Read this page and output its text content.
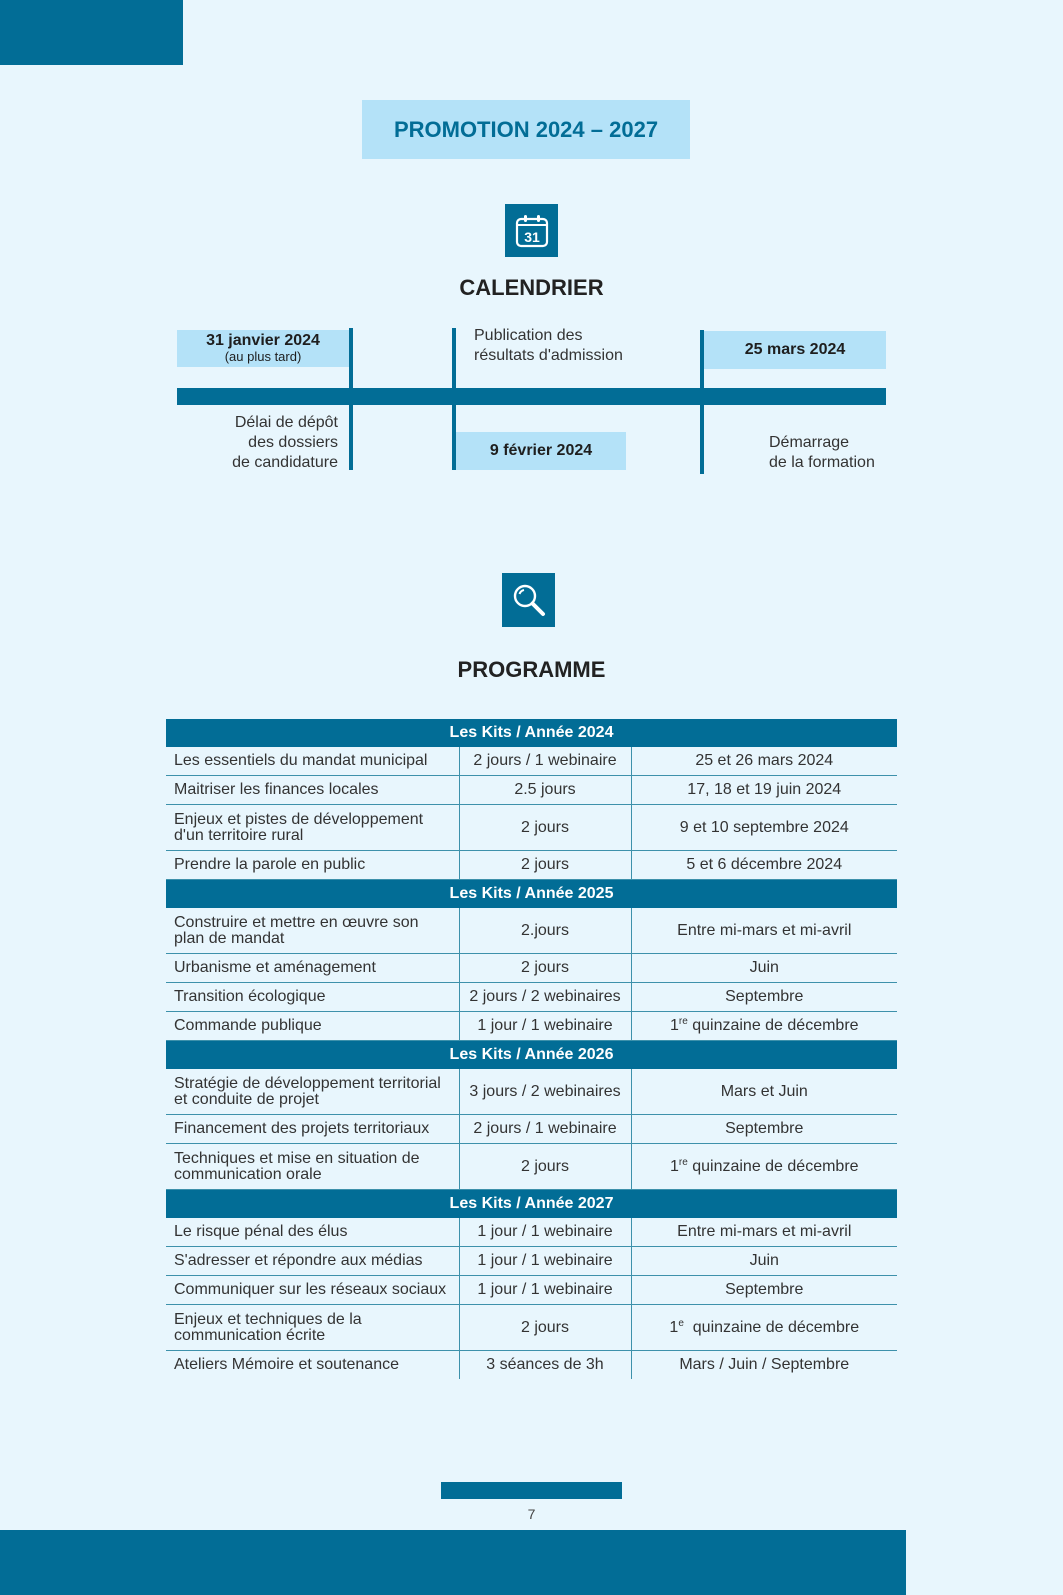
PROMOTION 2024 – 2027
31
CALENDRIER
31 janvier 2024
(au plus tard)
Délai de dépôt
des dossiers
de candidature
Publication des
résultats d'admission
9 février 2024
25 mars 2024
Démarrage
de la formation
PROGRAMME
Les Kits / Année 2024		
Les essentiels du mandat municipal	2 jours / 1 webinaire	25 et 26 mars 2024
Maitriser les finances locales	2.5 jours	17, 18 et 19 juin 2024
Enjeux et pistes de développement d'un territoire rural	2 jours	9 et 10 septembre 2024
Prendre la parole en public	2 jours	5 et 6 décembre 2024
Les Kits / Année 2025		
Construire et mettre en œuvre son plan de mandat	2.jours	Entre mi-mars et mi-avril
Urbanisme et aménagement	2 jours	Juin
Transition écologique	2 jours / 2 webinaires	Septembre
Commande publique	1 jour / 1 webinaire	1re quinzaine de décembre
Les Kits / Année 2026		
Stratégie de développement territorial et conduite de projet	3 jours / 2 webinaires	Mars et Juin
Financement des projets territoriaux	2 jours / 1 webinaire	Septembre
Techniques et mise en situation de communication orale	2 jours	1re quinzaine de décembre
Les Kits / Année 2027		
Le risque pénal des élus	1 jour / 1 webinaire	Entre mi-mars et mi-avril
S'adresser et répondre aux médias	1 jour / 1 webinaire	Juin
Communiquer sur les réseaux sociaux	1 jour / 1 webinaire	Septembre
Enjeux et techniques de la communication écrite	2 jours	1e  quinzaine de décembre
Ateliers Mémoire et soutenance	3 séances de 3h	Mars / Juin / Septembre
7
